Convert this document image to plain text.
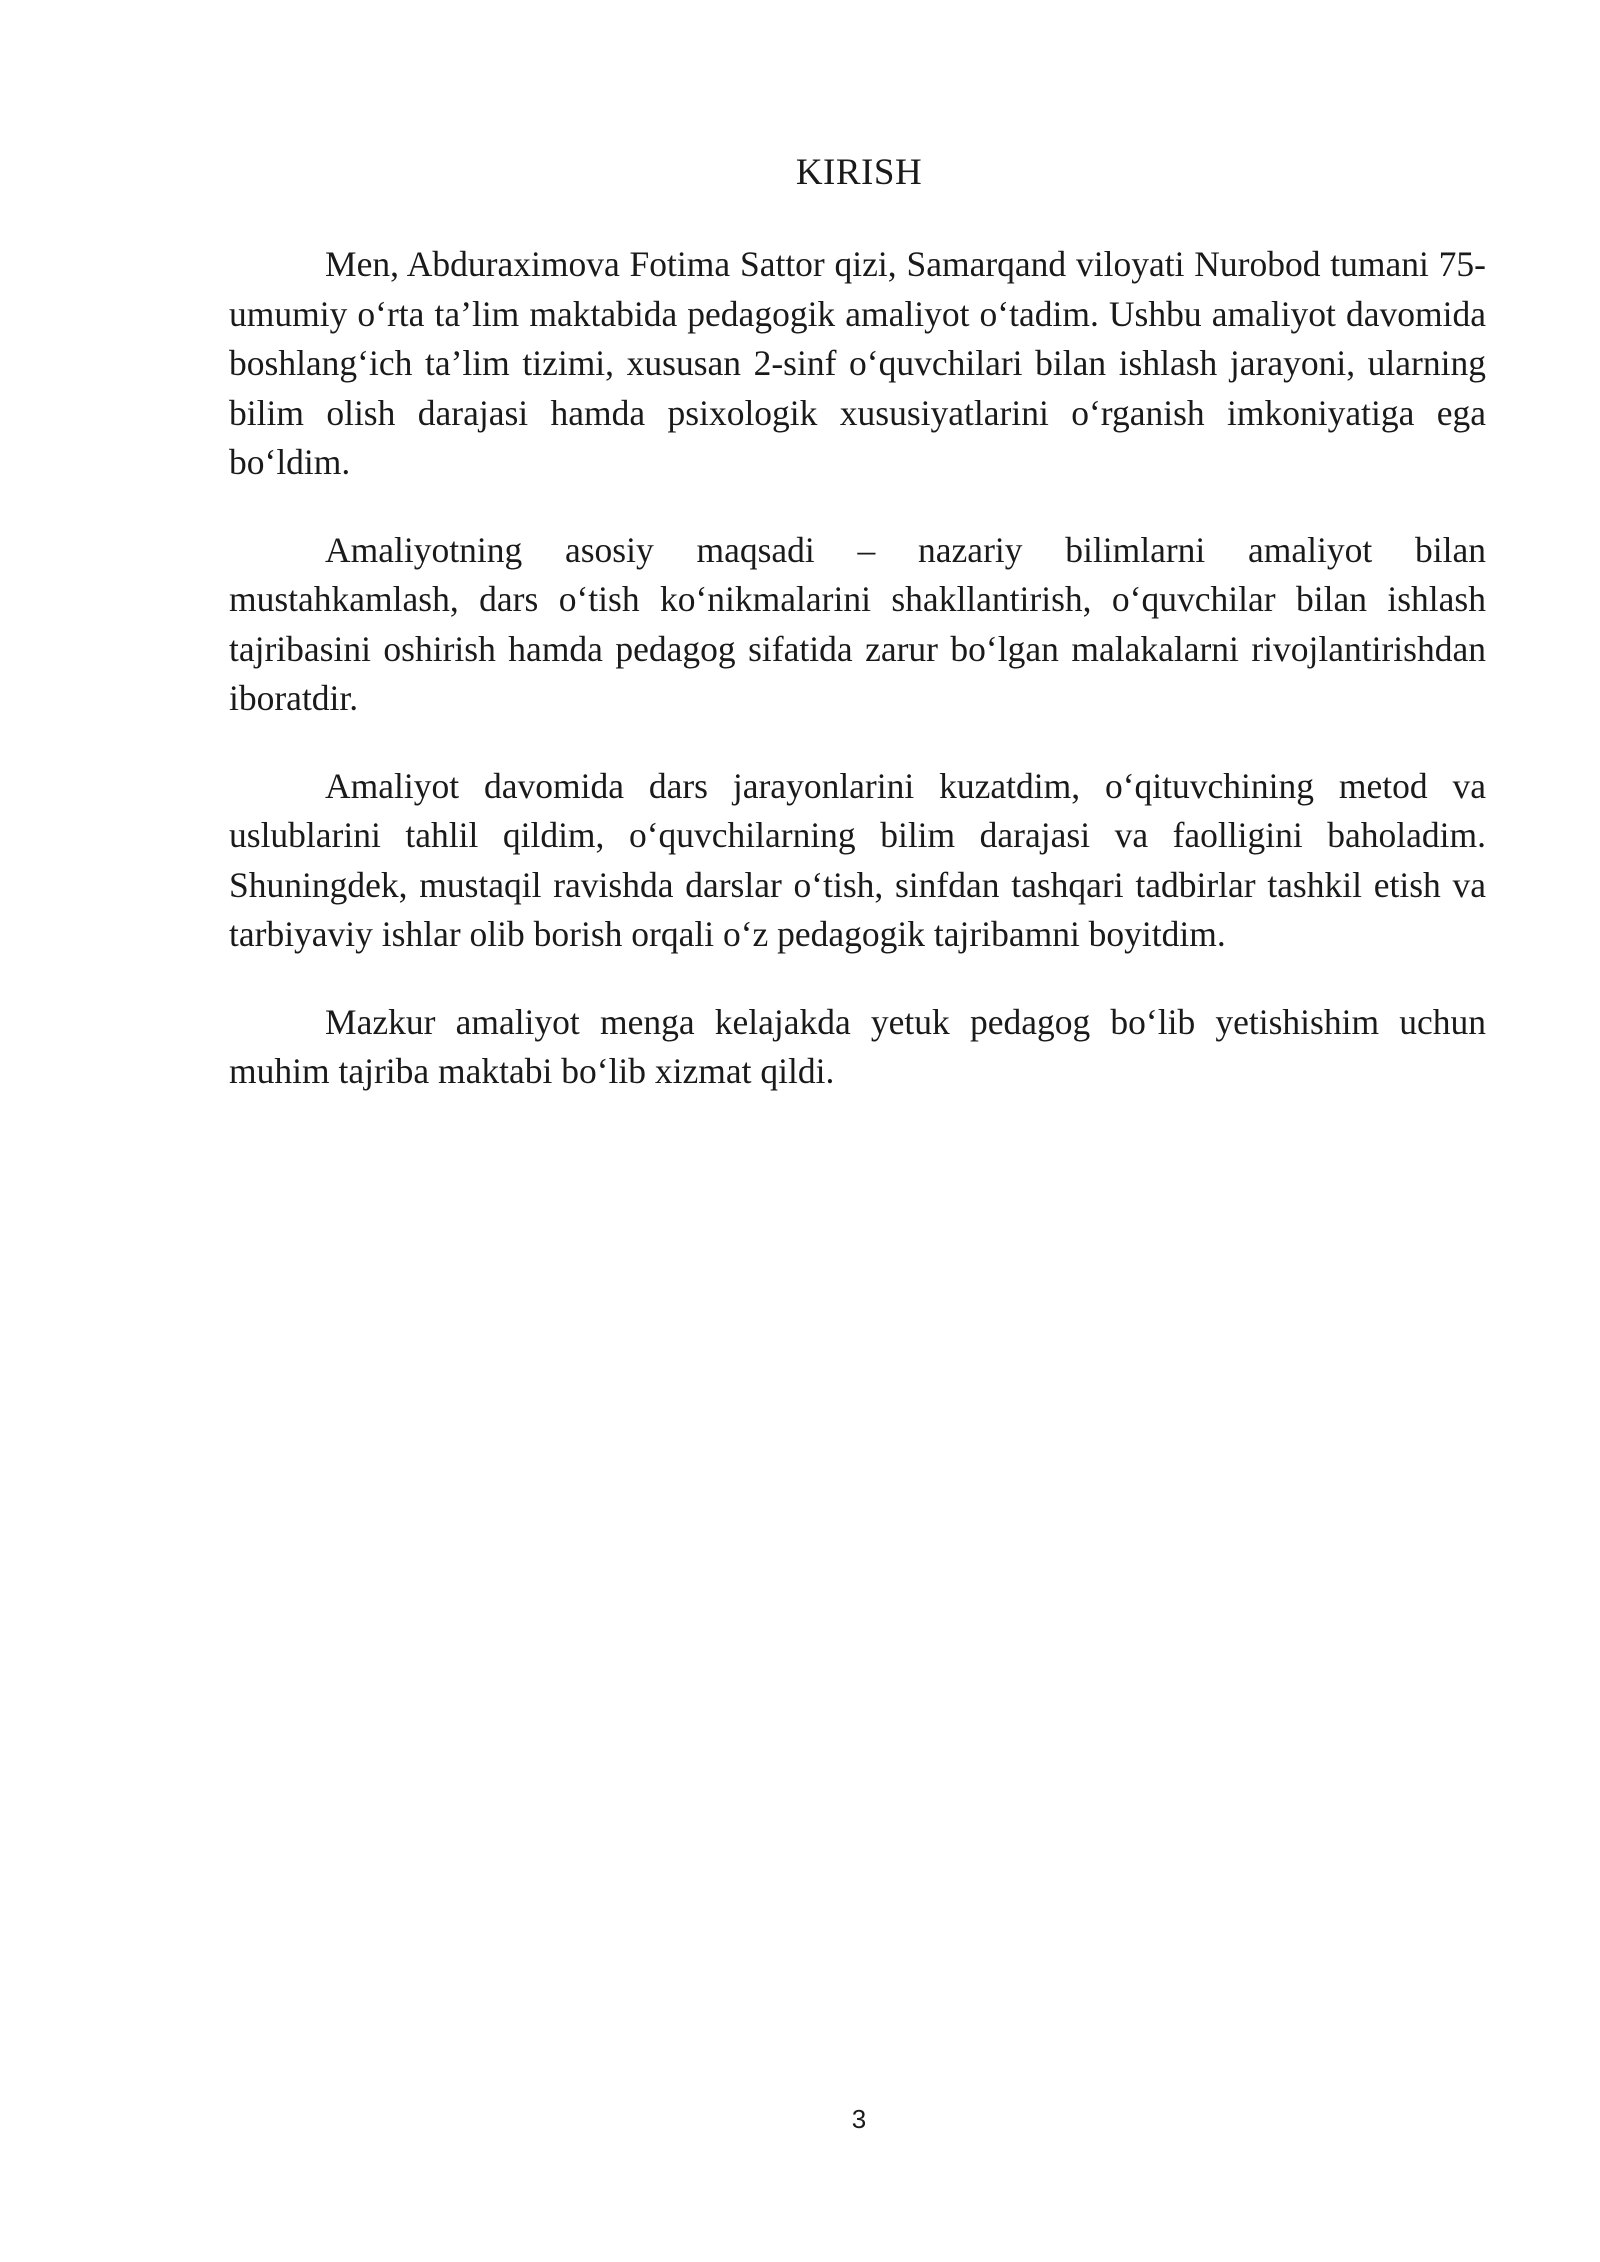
KIRISH

Men, Abduraximova Fotima Sattor qizi, Samarqand viloyati Nurobod tumani 75-umumiy o‘rta ta’lim maktabida pedagogik amaliyot o‘tadim. Ushbu amaliyot davomida boshlang‘ich ta’lim tizimi, xususan 2-sinf o‘quvchilari bilan ishlash jarayoni, ularning bilim olish darajasi hamda psixologik xususiyatlarini o‘rganish imkoniyatiga ega bo‘ldim.

Amaliyotning asosiy maqsadi – nazariy bilimlarni amaliyot bilan mustahkamlash, dars o‘tish ko‘nikmalarini shakllantirish, o‘quvchilar bilan ishlash tajribasini oshirish hamda pedagog sifatida zarur bo‘lgan malakalarni rivojlantirishdan iboratdir.

Amaliyot davomida dars jarayonlarini kuzatdim, o‘qituvchining metod va uslublarini tahlil qildim, o‘quvchilarning bilim darajasi va faolligini baholadim. Shuningdek, mustaqil ravishda darslar o‘tish, sinfdan tashqari tadbirlar tashkil etish va tarbiyaviy ishlar olib borish orqali o‘z pedagogik tajribamni boyitdim.

Mazkur amaliyot menga kelajakda yetuk pedagog bo‘lib yetishishim uchun muhim tajriba maktabi bo‘lib xizmat qildi.

3
